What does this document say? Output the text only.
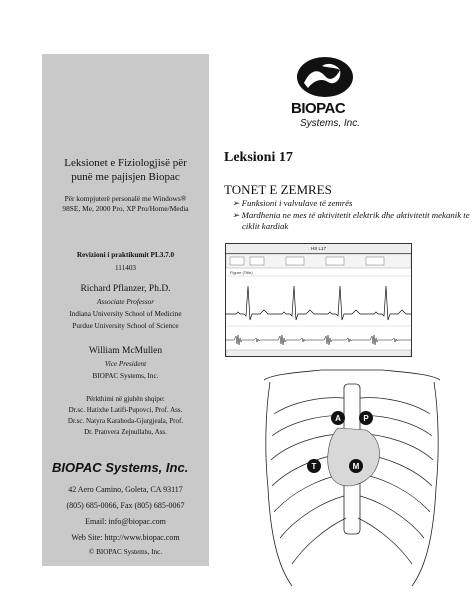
Leksionet e Fiziologjisë për
punë me pajisjen Biopac
Për kompjuterë personalë me Windows®
98SE, Me, 2000 Pro, XP Pro/Home/Media
Revizioni i praktikumit PL3.7.0
111403
Richard Pflanzer, Ph.D.
Associate Professor
Indiana University School of Medicine
Purdue University School of Science
William McMullen
Vice President
BIOPAC Systems, Inc.
Përkthimi në gjuhën shqipe:
Dr.sc. Hatixhe Latifi-Pupovci, Prof. Ass.
Dr.sc. Natyra Karahoda-Gjurgjeala, Prof.
Dr. Pranvera Zejnullahu, Ass.
BIOPAC Systems, Inc.
42 Aero Camino, Goleta, CA 93117
(805) 685-0066, Fax (805) 685-0067
Email: info@biopac.com
Web Site: http://www.biopac.com
© BIOPAC Systems, Inc.
BIOPAC
Systems, Inc.
Leksioni 17
TONET E ZEMRES
➢ Funksioni i valvulave të zemrës
➢ Mardhenia ne mes të aktivitetit elektrik dhe aktivitetit mekanik te ciklit kardiak
HS L17
Figure (Title)
A	P
T	M
